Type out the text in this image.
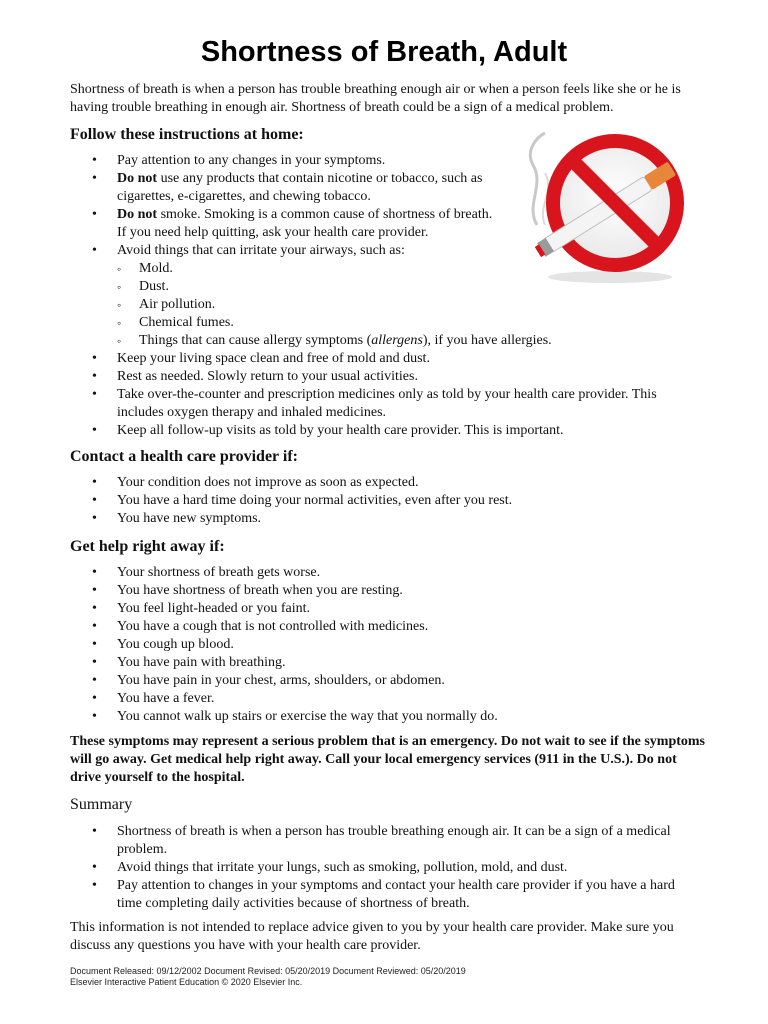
Shortness of Breath, Adult

Shortness of breath is when a person has trouble breathing enough air or when a person feels like she or he is having trouble breathing in enough air. Shortness of breath could be a sign of a medical problem.

Follow these instructions at home:
• Pay attention to any changes in your symptoms.
• Do not use any products that contain nicotine or tobacco, such as cigarettes, e-cigarettes, and chewing tobacco.
• Do not smoke. Smoking is a common cause of shortness of breath. If you need help quitting, ask your health care provider.
• Avoid things that can irritate your airways, such as:
◦ Mold.
◦ Dust.
◦ Air pollution.
◦ Chemical fumes.
◦ Things that can cause allergy symptoms (allergens), if you have allergies.
• Keep your living space clean and free of mold and dust.
• Rest as needed. Slowly return to your usual activities.
• Take over-the-counter and prescription medicines only as told by your health care provider. This includes oxygen therapy and inhaled medicines.
• Keep all follow-up visits as told by your health care provider. This is important.
Contact a health care provider if:
• Your condition does not improve as soon as expected.
• You have a hard time doing your normal activities, even after you rest.
• You have new symptoms.
Get help right away if:
• Your shortness of breath gets worse.
• You have shortness of breath when you are resting.
• You feel light-headed or you faint.
• You have a cough that is not controlled with medicines.
• You cough up blood.
• You have pain with breathing.
• You have pain in your chest, arms, shoulders, or abdomen.
• You have a fever.
• You cannot walk up stairs or exercise the way that you normally do.

These symptoms may represent a serious problem that is an emergency. Do not wait to see if the symptoms will go away. Get medical help right away. Call your local emergency services (911 in the U.S.). Do not drive yourself to the hospital.

Summary
• Shortness of breath is when a person has trouble breathing enough air. It can be a sign of a medical problem.
• Avoid things that irritate your lungs, such as smoking, pollution, mold, and dust.
• Pay attention to changes in your symptoms and contact your health care provider if you have a hard time completing daily activities because of shortness of breath.

This information is not intended to replace advice given to you by your health care provider. Make sure you discuss any questions you have with your health care provider.

Document Released: 09/12/2002 Document Revised: 05/20/2019 Document Reviewed: 05/20/2019
Elsevier Interactive Patient Education © 2020 Elsevier Inc.
